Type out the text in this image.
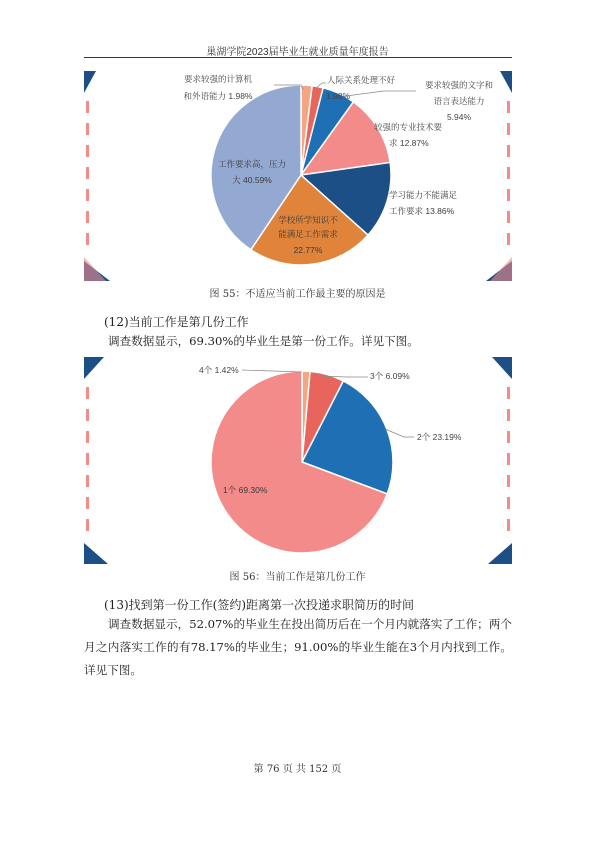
巢湖学院2023届毕业生就业质量年度报告
要求较强的计算机
和外语能力 1.98%
人际关系处理不好
1.98%
要求较强的文字和
语言表达能力
5.94%
较强的专业技术要
求 12.87%
学习能力不能满足
工作要求 13.86%
学校所学知识不
能满足工作需求
22.77%
工作要求高，压力
大 40.59%
图 55：不适应当前工作最主要的原因是
(12)当前工作是第几份工作
调查数据显示，69.30%的毕业生是第一份工作。详见下图。
4个 1.42%
3个 6.09%
2个 23.19%
1个 69.30%
图 56：当前工作是第几份工作
(13)找到第一份工作(签约)距离第一次投递求职简历的时间
调查数据显示，52.07%的毕业生在投出简历后在一个月内就落实了工作；两个月之内落实工作的有78.17%的毕业生；91.00%的毕业生能在3个月内找到工作。详见下图。
第 76 页 共 152 页
